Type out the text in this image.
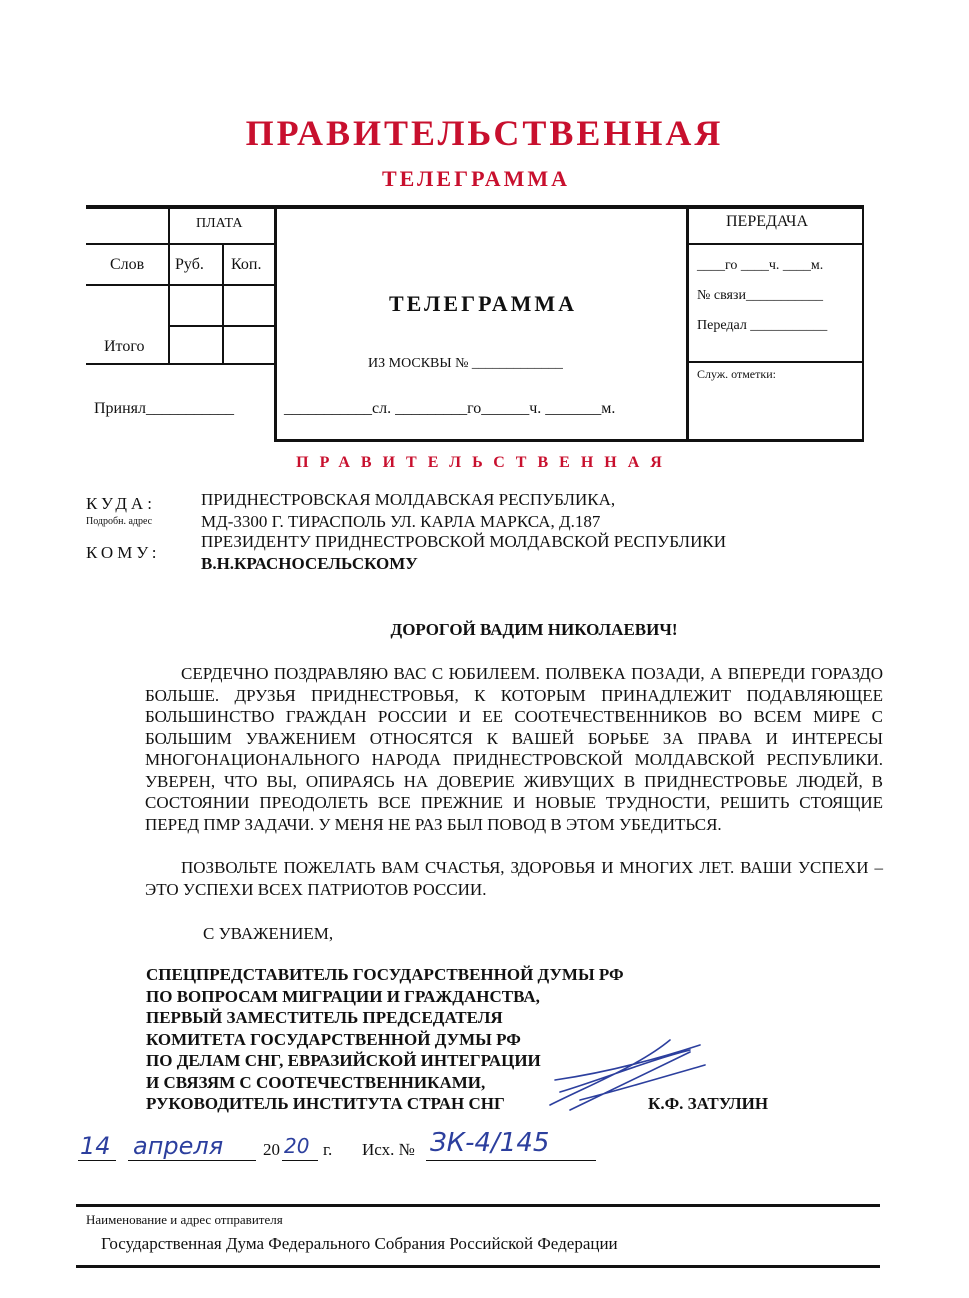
ПРАВИТЕЛЬСТВЕННАЯ
ТЕЛЕГРАММА
ПЛАТА
Слов Руб. Коп.
Итого
Принял___________
ТЕЛЕГРАММА
ИЗ МОСКВЫ № _____________
___________сл. _________го______ч. _______м.
ПЕРЕДАЧА
____го ____ч. ____м.
№ связи___________
Передал ___________
Служ. отметки:
ПРАВИТЕЛЬСТВЕННАЯ
КУДА:
Подробн. адрес
ПРИДНЕСТРОВСКАЯ МОЛДАВСКАЯ РЕСПУБЛИКА,
МД-3300 Г. ТИРАСПОЛЬ УЛ. КАРЛА МАРКСА, Д.187
КОМУ:
ПРЕЗИДЕНТУ ПРИДНЕСТРОВСКОЙ МОЛДАВСКОЙ РЕСПУБЛИКИ
В.Н.КРАСНОСЕЛЬСКОМУ
ДОРОГОЙ ВАДИМ НИКОЛАЕВИЧ!
СЕРДЕЧНО ПОЗДРАВЛЯЮ ВАС С ЮБИЛЕЕМ. ПОЛВЕКА ПОЗАДИ, А ВПЕРЕДИ ГОРАЗДО БОЛЬШЕ. ДРУЗЬЯ ПРИДНЕСТРОВЬЯ, К КОТОРЫМ ПРИНАДЛЕЖИТ ПОДАВЛЯЮЩЕЕ БОЛЬШИНСТВО ГРАЖДАН РОССИИ И ЕЕ СООТЕЧЕСТВЕННИКОВ ВО ВСЕМ МИРЕ С БОЛЬШИМ УВАЖЕНИЕМ ОТНОСЯТСЯ К ВАШЕЙ БОРЬБЕ ЗА ПРАВА И ИНТЕРЕСЫ МНОГОНАЦИОНАЛЬНОГО НАРОДА ПРИДНЕСТРОВСКОЙ МОЛДАВСКОЙ РЕСПУБЛИКИ. УВЕРЕН, ЧТО ВЫ, ОПИРАЯСЬ НА ДОВЕРИЕ ЖИВУЩИХ В ПРИДНЕСТРОВЬЕ ЛЮДЕЙ, В СОСТОЯНИИ ПРЕОДОЛЕТЬ ВСЕ ПРЕЖНИЕ И НОВЫЕ ТРУДНОСТИ, РЕШИТЬ СТОЯЩИЕ ПЕРЕД ПМР ЗАДАЧИ. У МЕНЯ НЕ РАЗ БЫЛ ПОВОД В ЭТОМ УБЕДИТЬСЯ.
ПОЗВОЛЬТЕ ПОЖЕЛАТЬ ВАМ СЧАСТЬЯ, ЗДОРОВЬЯ И МНОГИХ ЛЕТ. ВАШИ УСПЕХИ – ЭТО УСПЕХИ ВСЕХ ПАТРИОТОВ РОССИИ.
С УВАЖЕНИЕМ,
СПЕЦПРЕДСТАВИТЕЛЬ ГОСУДАРСТВЕННОЙ ДУМЫ РФ
ПО ВОПРОСАМ МИГРАЦИИ И ГРАЖДАНСТВА,
ПЕРВЫЙ ЗАМЕСТИТЕЛЬ ПРЕДСЕДАТЕЛЯ
КОМИТЕТА ГОСУДАРСТВЕННОЙ ДУМЫ РФ
ПО ДЕЛАМ СНГ, ЕВРАЗИЙСКОЙ ИНТЕГРАЦИИ
И СВЯЗЯМ С СООТЕЧЕСТВЕННИКАМИ,
РУКОВОДИТЕЛЬ ИНСТИТУТА СТРАН СНГ	К.Ф. ЗАТУЛИН
14 апреля 20 20 г. Исх. № ЗК-4/145
Наименование и адрес отправителя
Государственная Дума Федерального Собрания Российской Федерации
